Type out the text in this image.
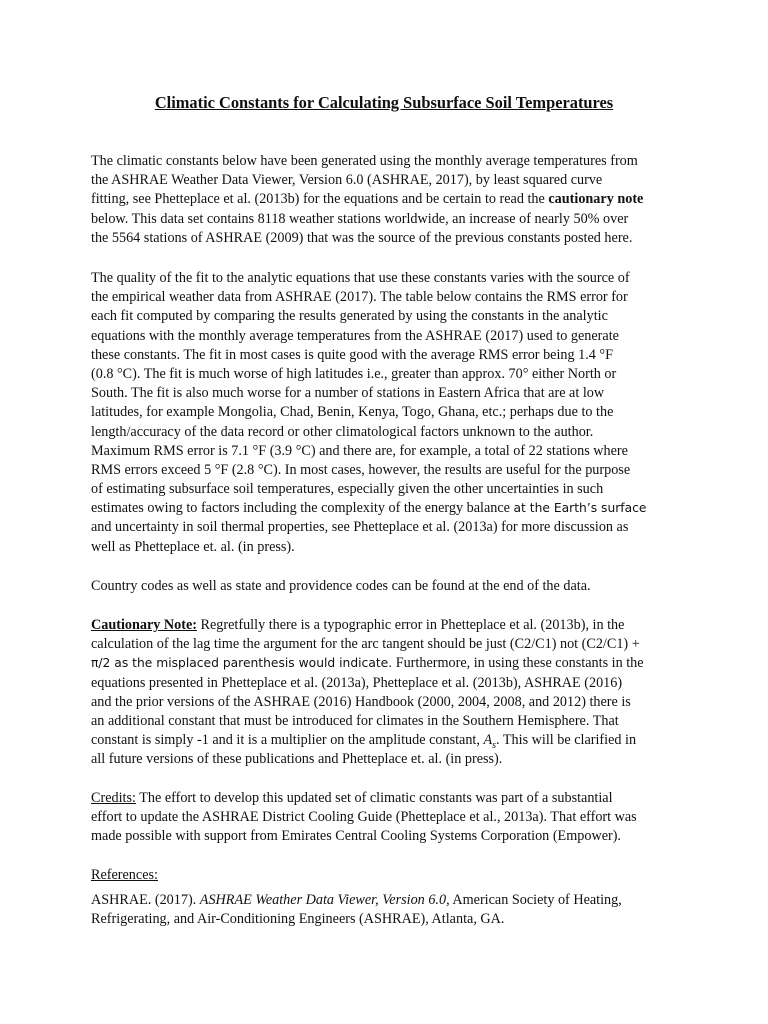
Climatic Constants for Calculating Subsurface Soil Temperatures

The climatic constants below have been generated using the monthly average temperatures from
the ASHRAE Weather Data Viewer, Version 6.0 (ASHRAE, 2017), by least squared curve
fitting, see Phetteplace et al. (2013b) for the equations and be certain to read the cautionary note
below. This data set contains 8118 weather stations worldwide, an increase of nearly 50% over
the 5564 stations of ASHRAE (2009) that was the source of the previous constants posted here.

The quality of the fit to the analytic equations that use these constants varies with the source of
the empirical weather data from ASHRAE (2017). The table below contains the RMS error for
each fit computed by comparing the results generated by using the constants in the analytic
equations with the monthly average temperatures from the ASHRAE (2017) used to generate
these constants. The fit in most cases is quite good with the average RMS error being 1.4 °F
(0.8 °C). The fit is much worse of high latitudes i.e., greater than approx. 70° either North or
South. The fit is also much worse for a number of stations in Eastern Africa that are at low
latitudes, for example Mongolia, Chad, Benin, Kenya, Togo, Ghana, etc.; perhaps due to the
length/accuracy of the data record or other climatological factors unknown to the author.
Maximum RMS error is 7.1 °F (3.9 °C) and there are, for example, a total of 22 stations where
RMS errors exceed 5 °F (2.8 °C). In most cases, however, the results are useful for the purpose
of estimating subsurface soil temperatures, especially given the other uncertainties in such
estimates owing to factors including the complexity of the energy balance at the Earth’s surface
and uncertainty in soil thermal properties, see Phetteplace et al. (2013a) for more discussion as
well as Phetteplace et. al. (in press).

Country codes as well as state and providence codes can be found at the end of the data.

Cautionary Note: Regretfully there is a typographic error in Phetteplace et al. (2013b), in the
calculation of the lag time the argument for the arc tangent should be just (C2/C1) not (C2/C1) +
π/2 as the misplaced parenthesis would indicate. Furthermore, in using these constants in the
equations presented in Phetteplace et al. (2013a), Phetteplace et al. (2013b), ASHRAE (2016)
and the prior versions of the ASHRAE (2016) Handbook (2000, 2004, 2008, and 2012) there is
an additional constant that must be introduced for climates in the Southern Hemisphere. That
constant is simply -1 and it is a multiplier on the amplitude constant, $A_s$. This will be clarified in
all future versions of these publications and Phetteplace et. al. (in press).

Credits: The effort to develop this updated set of climatic constants was part of a substantial
effort to update the ASHRAE District Cooling Guide (Phetteplace et al., 2013a). That effort was
made possible with support from Emirates Central Cooling Systems Corporation (Empower).

References:

ASHRAE. (2017). ASHRAE Weather Data Viewer, Version 6.0, American Society of Heating,
Refrigerating, and Air-Conditioning Engineers (ASHRAE), Atlanta, GA.
